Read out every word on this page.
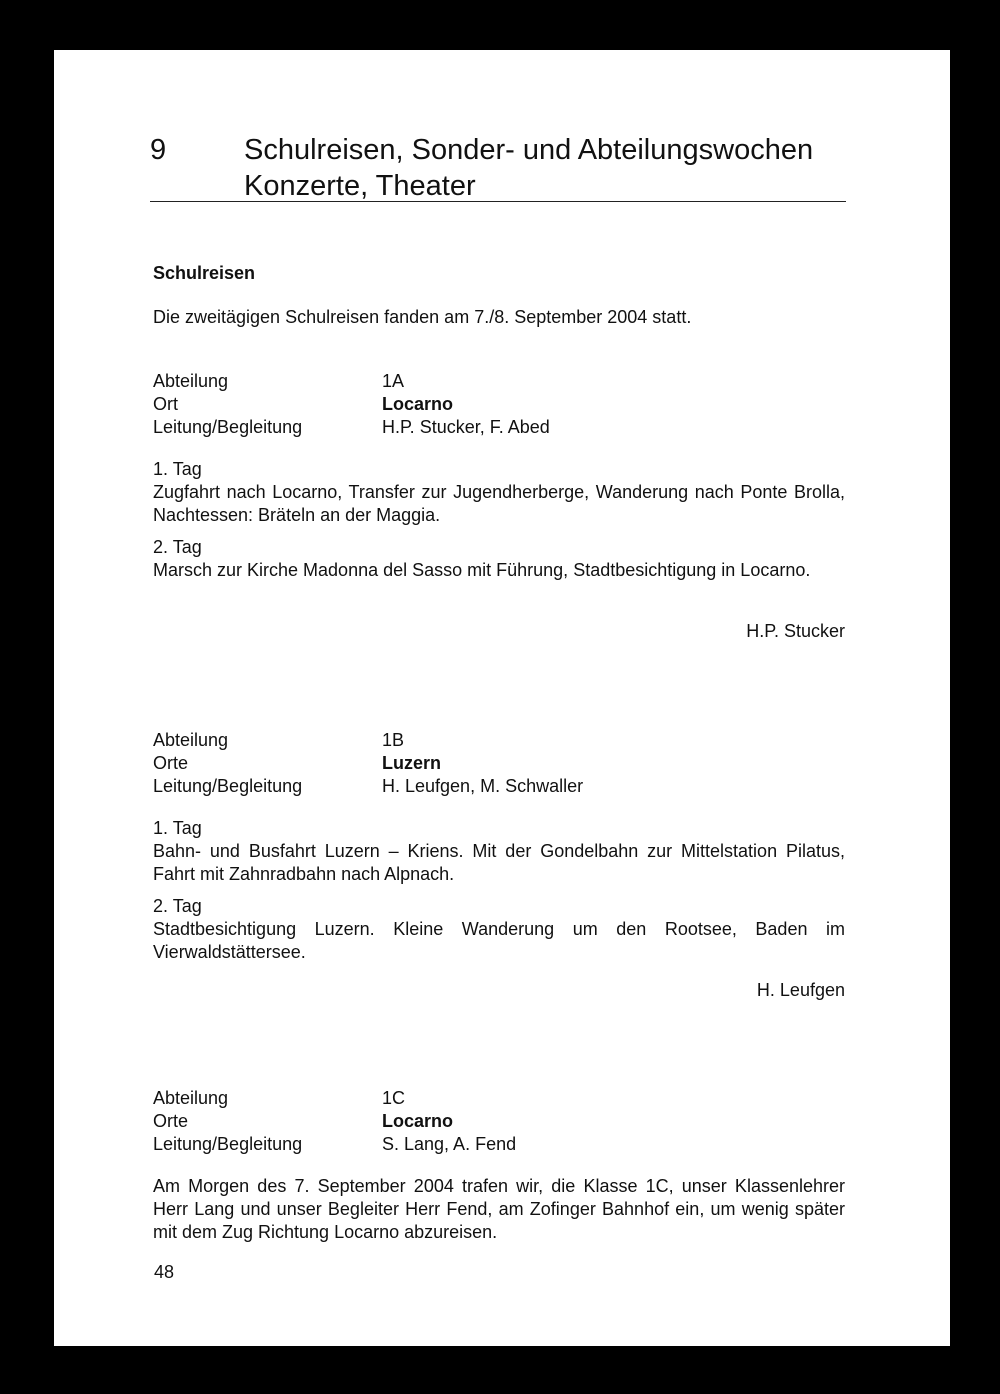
9	Schulreisen, Sonder- und Abteilungswochen
Konzerte, Theater
Schulreisen
Die zweitägigen Schulreisen fanden am 7./8. September 2004 statt.
Abteilung	1A
Ort	Locarno
Leitung/Begleitung	H.P. Stucker, F. Abed

1. Tag

Zugfahrt nach Locarno, Transfer zur Jugendherberge, Wanderung nach Ponte Brolla, Nachtessen: Bräteln an der Maggia.

2. Tag

Marsch zur Kirche Madonna del Sasso mit Führung, Stadtbesichtigung in Locarno.

H.P. Stucker
Abteilung	1B
Orte	Luzern
Leitung/Begleitung	H. Leufgen, M. Schwaller

1. Tag

Bahn- und Busfahrt Luzern – Kriens. Mit der Gondelbahn zur Mittelstation Pilatus, Fahrt mit Zahnradbahn nach Alpnach.

2. Tag

Stadtbesichtigung Luzern. Kleine Wanderung um den Rootsee, Baden im Vierwaldstättersee.

H. Leufgen
Abteilung	1C
Orte	Locarno
Leitung/Begleitung	S. Lang, A. Fend

Am Morgen des 7. September 2004 trafen wir, die Klasse 1C, unser Klassenlehrer Herr Lang und unser Begleiter Herr Fend, am Zofinger Bahnhof ein, um wenig später mit dem Zug Richtung Locarno abzureisen.

48
